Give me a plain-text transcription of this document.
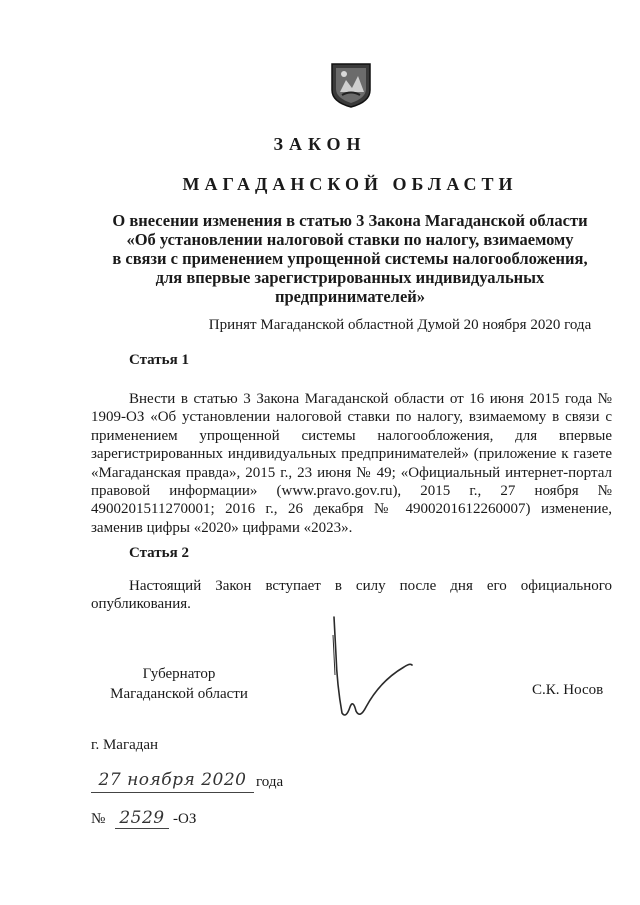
ЗАКОН
МАГАДАНСКОЙ ОБЛАСТИ
О внесении изменения в статью 3 Закона Магаданской области
«Об установлении налоговой ставки по налогу, взимаемому
в связи с применением упрощенной системы налогообложения,
для впервые зарегистрированных индивидуальных
предпринимателей»
Принят Магаданской областной Думой 20 ноября 2020 года
Статья 1
Внести в статью 3 Закона Магаданской области от 16 июня 2015 года № 1909-ОЗ «Об установлении налоговой ставки по налогу, взимаемому в связи с применением упрощенной системы налогообложения, для впервые зарегистрированных индивидуальных предпринимателей» (приложение к газете «Магаданская правда», 2015 г., 23 июня № 49; «Официальный интернет-портал правовой информации» (www.pravo.gov.ru), 2015 г., 27 ноября № 4900201511270001; 2016 г., 26 декабря № 4900201612260007) изменение, заменив цифры «2020» цифрами «2023».
Статья 2
Настоящий Закон вступает в силу после дня его официального опубликования.
Губернатор
Магаданской области	С.К. Носов
г. Магадан
27 ноября 2020 года
№ 2529 -ОЗ
